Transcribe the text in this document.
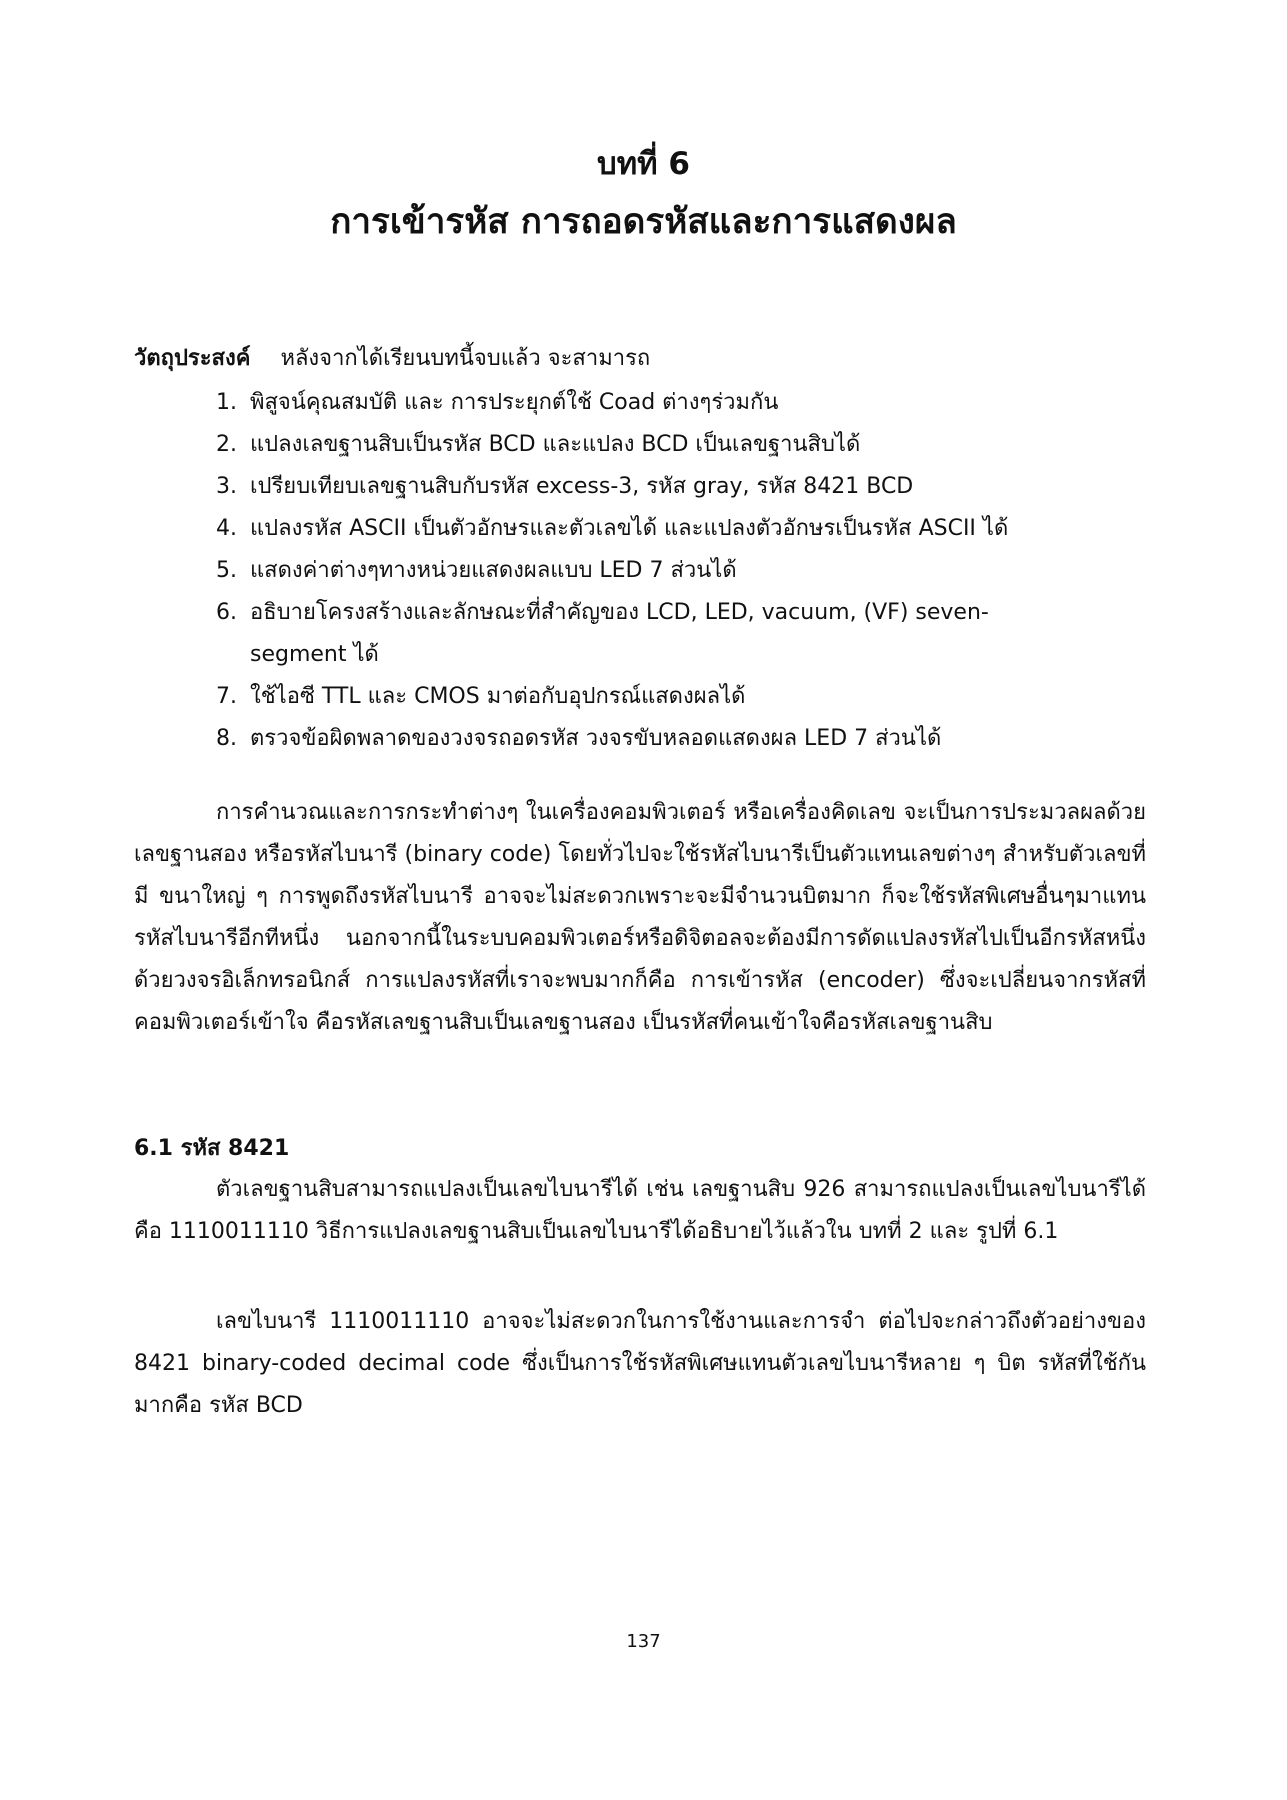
บทที่ 6
การเข้ารหัส การถอดรหัสและการแสดงผล
วัตถุประสงค์ หลังจากได้เรียนบทนี้จบแล้ว จะสามารถ
1. พิสูจน์คุณสมบัติ และ การประยุกต์ใช้ Coad ต่างๆร่วมกัน
2. แปลงเลขฐานสิบเป็นรหัส BCD และแปลง BCD เป็นเลขฐานสิบได้
3. เปรียบเทียบเลขฐานสิบกับรหัส excess-3, รหัส gray, รหัส 8421 BCD
4. แปลงรหัส ASCII เป็นตัวอักษรและตัวเลขได้ และแปลงตัวอักษรเป็นรหัส ASCII ได้
5. แสดงค่าต่างๆทางหน่วยแสดงผลแบบ LED 7 ส่วนได้
6. อธิบายโครงสร้างและลักษณะที่สำคัญของ LCD, LED, vacuum, (VF) seven-segment ได้
7. ใช้ไอซี TTL และ CMOS มาต่อกับอุปกรณ์แสดงผลได้
8. ตรวจข้อผิดพลาดของวงจรถอดรหัส วงจรขับหลอดแสดงผล LED 7 ส่วนได้

การคำนวณและการกระทำต่างๆ ในเครื่องคอมพิวเตอร์ หรือเครื่องคิดเลข จะเป็นการประมวลผลด้วยเลขฐานสอง หรือรหัสไบนารี (binary code) โดยทั่วไปจะใช้รหัสไบนารีเป็นตัวแทนเลขต่างๆ สำหรับตัวเลขที่มี ขนาใหญ่ ๆ การพูดถึงรหัสไบนารี อาจจะไม่สะดวกเพราะจะมีจำนวนบิตมาก ก็จะใช้รหัสพิเศษอื่นๆมาแทนรหัสไบนารีอีกทีหนึ่ง นอกจากนี้ในระบบคอมพิวเตอร์หรือดิจิตอลจะต้องมีการดัดแปลงรหัสไปเป็นอีกรหัสหนึ่งด้วยวงจรอิเล็กทรอนิกส์ การแปลงรหัสที่เราจะพบมากก็คือ การเข้ารหัส (encoder) ซึ่งจะเปลี่ยนจากรหัสที่คอมพิวเตอร์เข้าใจ คือรหัสเลขฐานสิบเป็นเลขฐานสอง เป็นรหัสที่คนเข้าใจคือรหัสเลขฐานสิบ

6.1 รหัส 8421

ตัวเลขฐานสิบสามารถแปลงเป็นเลขไบนารีได้ เช่น เลขฐานสิบ 926 สามารถแปลงเป็นเลขไบนารีได้คือ 1110011110 วิธีการแปลงเลขฐานสิบเป็นเลขไบนารีได้อธิบายไว้แล้วใน บทที่ 2 และ รูปที่ 6.1

เลขไบนารี 1110011110 อาจจะไม่สะดวกในการใช้งานและการจำ ต่อไปจะกล่าวถึงตัวอย่างของ 8421 binary-coded decimal code ซึ่งเป็นการใช้รหัสพิเศษแทนตัวเลขไบนารีหลาย ๆ บิต รหัสที่ใช้กันมากคือ รหัส BCD

137
